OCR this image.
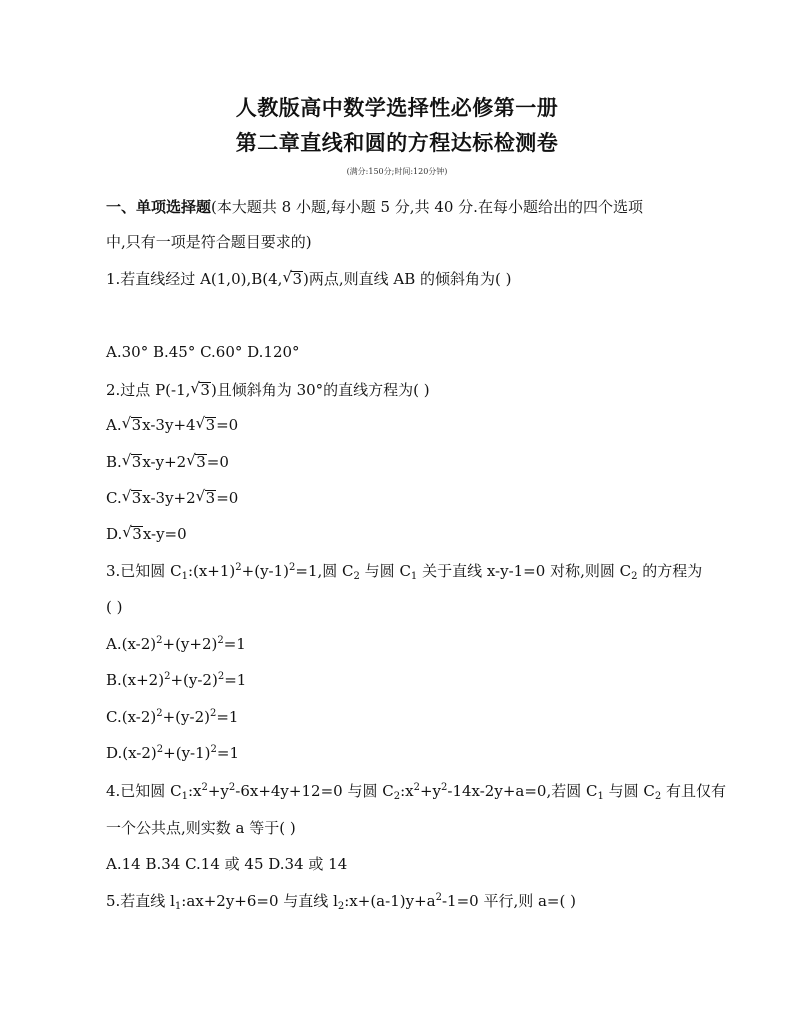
人教版高中数学选择性必修第一册
第二章直线和圆的方程达标检测卷
(满分:150分;时间:120分钟)
一、单项选择题(本大题共 8 小题,每小题 5 分,共 40 分.在每小题给出的四个选项
中,只有一项是符合题目要求的)
1.若直线经过 A(1,0),B(4, √ 3)两点,则直线 AB 的倾斜角为( )
A.30° B.45° C.60° D.120°
2.过点 P(-1, √ 3)且倾斜角为 30°的直线方程为( )
A. √ 3x-3y+4 √ 3=0
B. √ 3x-y+2 √ 3=0
C. √ 3x-3y+2 √ 3=0
D. √ 3x-y=0
3.已知圆 $C_1:(x+1)^2+(y-1)^2=1$,圆 $C_2$ 与圆 $C_1$ 关于直线 x-y-1=0 对称,则圆 $C_2$ 的方程为
( )
$A.(x-2)^2+(y+2)^2=1$
$B.(x+2)^2+(y-2)^2=1$
$C.(x-2)^2+(y-2)^2=1$
$D.(x-2)^2+(y-1)^2=1$
4.已知圆 $C_1:x^2+y^2-6x+4y+12=0$ 与圆 $C_2:x^2+y^2-14x-2y+a=0$,若圆 $C_1$ 与圆 $C_2$ 有且仅有
一个公共点,则实数 a 等于( )
A.14 B.34 C.14 或 45 D.34 或 14
5.若直线 $l_1:ax+2y+6=0$ 与直线 $l_2:x+(a-1)y+a^2-1=0$ 平行,则 a=( )
